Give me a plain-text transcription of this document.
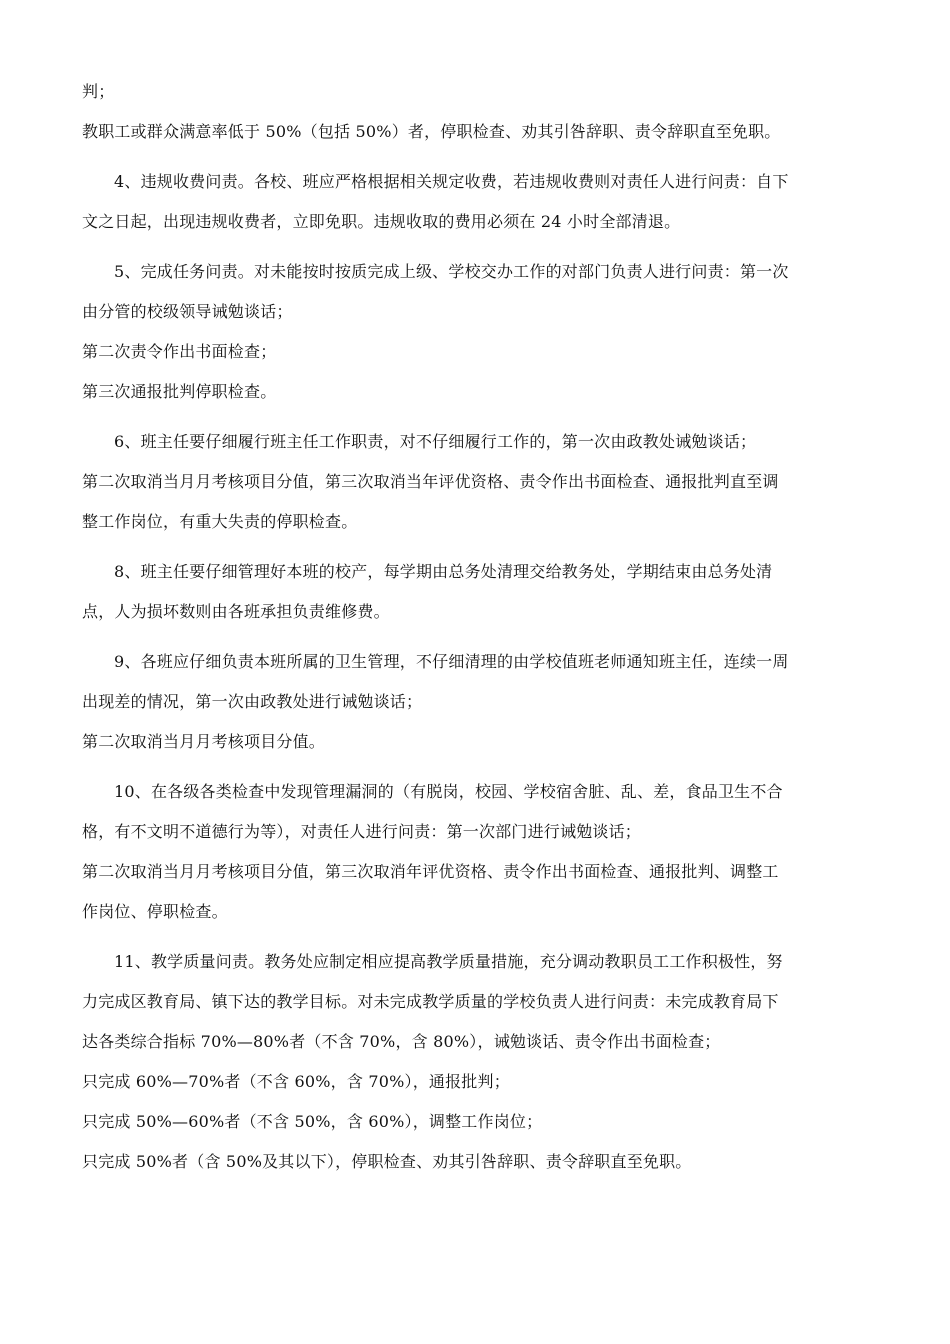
判；
教职工或群众满意率低于 50%（包括 50%）者，停职检查、劝其引咎辞职、责令辞职直至免职。
4、违规收费问责。各校、班应严格根据相关规定收费，若违规收费则对责任人进行问责：自下
文之日起，出现违规收费者，立即免职。违规收取的费用必须在 24 小时全部清退。
5、完成任务问责。对未能按时按质完成上级、学校交办工作的对部门负责人进行问责：第一次
由分管的校级领导诫勉谈话；
第二次责令作出书面检查；
第三次通报批判停职检查。
6、班主任要仔细履行班主任工作职责，对不仔细履行工作的，第一次由政教处诫勉谈话；
第二次取消当月月考核项目分值，第三次取消当年评优资格、责令作出书面检查、通报批判直至调
整工作岗位，有重大失责的停职检查。
8、班主任要仔细管理好本班的校产，每学期由总务处清理交给教务处，学期结束由总务处清
点，人为损坏数则由各班承担负责维修费。
9、各班应仔细负责本班所属的卫生管理，不仔细清理的由学校值班老师通知班主任，连续一周
出现差的情况，第一次由政教处进行诫勉谈话；
第二次取消当月月考核项目分值。
10、在各级各类检查中发现管理漏洞的（有脱岗，校园、学校宿舍脏、乱、差，食品卫生不合
格，有不文明不道德行为等），对责任人进行问责：第一次部门进行诫勉谈话；
第二次取消当月月考核项目分值，第三次取消年评优资格、责令作出书面检查、通报批判、调整工
作岗位、停职检查。
11、教学质量问责。教务处应制定相应提高教学质量措施，充分调动教职员工工作积极性，努
力完成区教育局、镇下达的教学目标。对未完成教学质量的学校负责人进行问责：未完成教育局下
达各类综合指标 70%—80%者（不含 70%，含 80%），诫勉谈话、责令作出书面检查；
只完成 60%—70%者（不含 60%，含 70%），通报批判；
只完成 50%—60%者（不含 50%，含 60%），调整工作岗位；
只完成 50%者（含 50%及其以下），停职检查、劝其引咎辞职、责令辞职直至免职。
